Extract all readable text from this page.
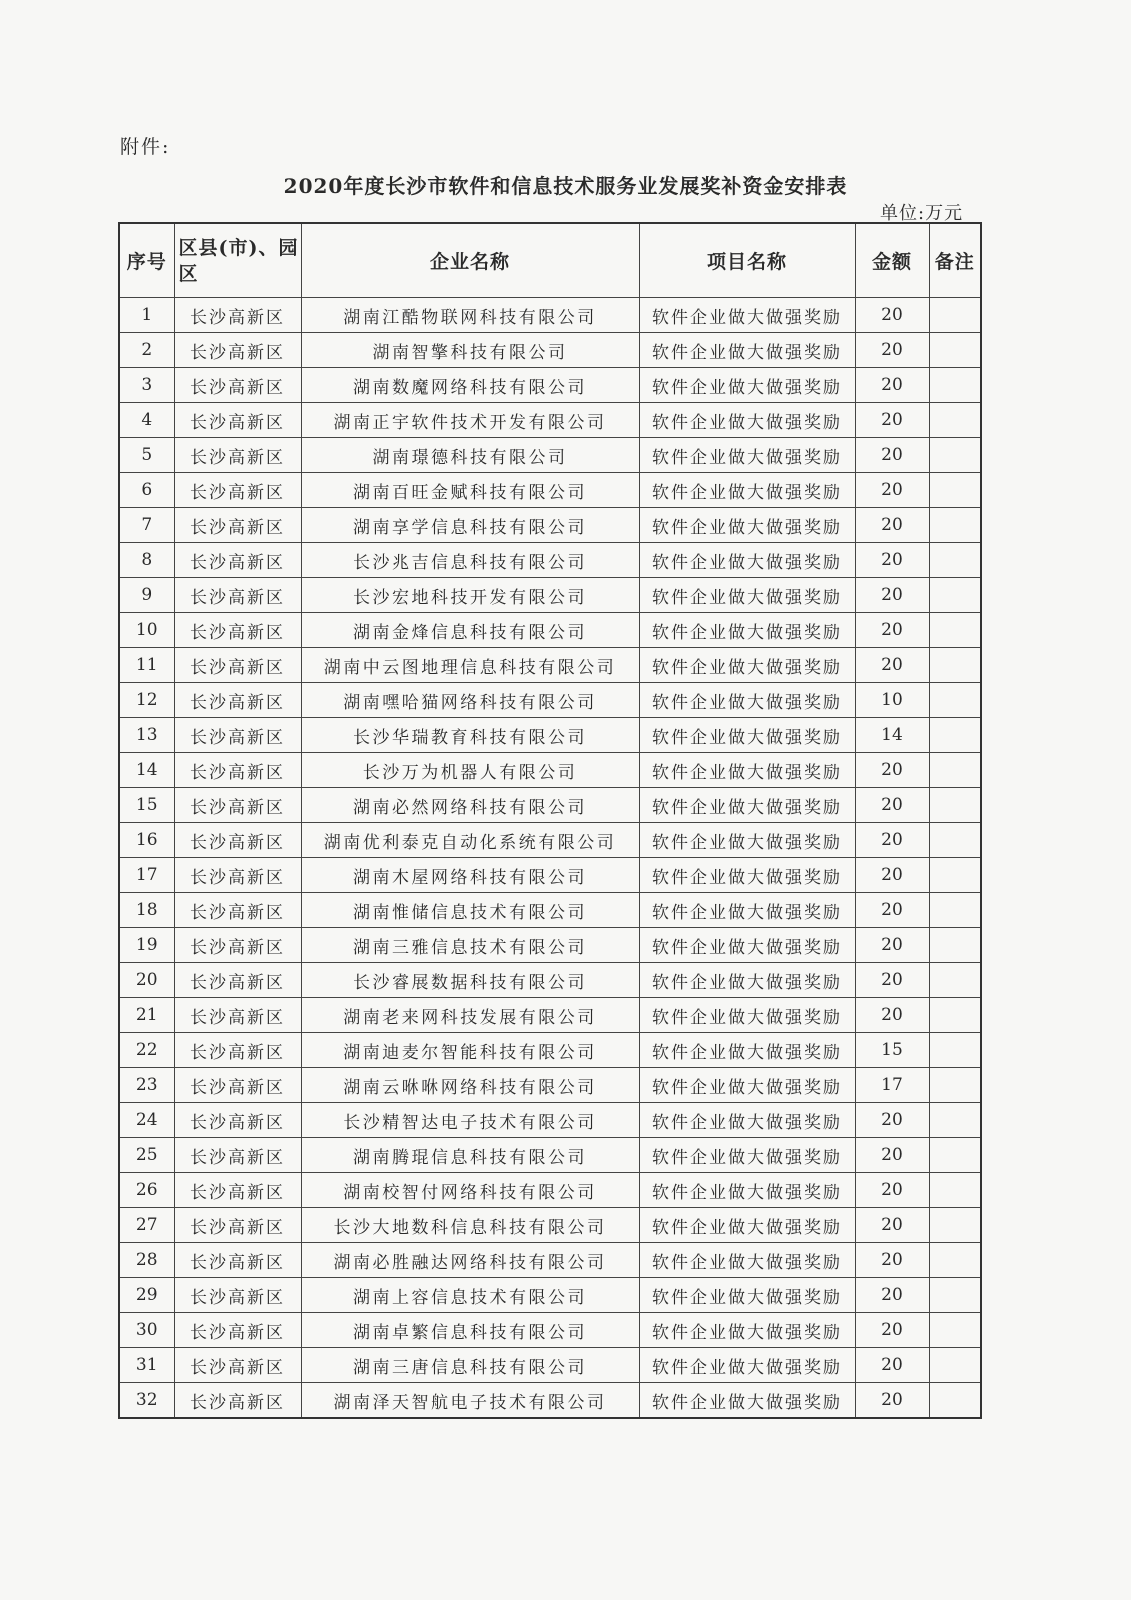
附件:
2020年度长沙市软件和信息技术服务业发展奖补资金安排表
单位:万元
序号	区县(市)、园区	企业名称	项目名称	金额	备注
1	长沙高新区	湖南江酷物联网科技有限公司	软件企业做大做强奖励	20	
2	长沙高新区	湖南智擎科技有限公司	软件企业做大做强奖励	20	
3	长沙高新区	湖南数魔网络科技有限公司	软件企业做大做强奖励	20	
4	长沙高新区	湖南正宇软件技术开发有限公司	软件企业做大做强奖励	20	
5	长沙高新区	湖南璟德科技有限公司	软件企业做大做强奖励	20	
6	长沙高新区	湖南百旺金赋科技有限公司	软件企业做大做强奖励	20	
7	长沙高新区	湖南享学信息科技有限公司	软件企业做大做强奖励	20	
8	长沙高新区	长沙兆吉信息科技有限公司	软件企业做大做强奖励	20	
9	长沙高新区	长沙宏地科技开发有限公司	软件企业做大做强奖励	20	
10	长沙高新区	湖南金烽信息科技有限公司	软件企业做大做强奖励	20	
11	长沙高新区	湖南中云图地理信息科技有限公司	软件企业做大做强奖励	20	
12	长沙高新区	湖南嘿哈猫网络科技有限公司	软件企业做大做强奖励	10	
13	长沙高新区	长沙华瑞教育科技有限公司	软件企业做大做强奖励	14	
14	长沙高新区	长沙万为机器人有限公司	软件企业做大做强奖励	20	
15	长沙高新区	湖南必然网络科技有限公司	软件企业做大做强奖励	20	
16	长沙高新区	湖南优利泰克自动化系统有限公司	软件企业做大做强奖励	20	
17	长沙高新区	湖南木屋网络科技有限公司	软件企业做大做强奖励	20	
18	长沙高新区	湖南惟储信息技术有限公司	软件企业做大做强奖励	20	
19	长沙高新区	湖南三雅信息技术有限公司	软件企业做大做强奖励	20	
20	长沙高新区	长沙睿展数据科技有限公司	软件企业做大做强奖励	20	
21	长沙高新区	湖南老来网科技发展有限公司	软件企业做大做强奖励	20	
22	长沙高新区	湖南迪麦尔智能科技有限公司	软件企业做大做强奖励	15	
23	长沙高新区	湖南云咻咻网络科技有限公司	软件企业做大做强奖励	17	
24	长沙高新区	长沙精智达电子技术有限公司	软件企业做大做强奖励	20	
25	长沙高新区	湖南腾琨信息科技有限公司	软件企业做大做强奖励	20	
26	长沙高新区	湖南校智付网络科技有限公司	软件企业做大做强奖励	20	
27	长沙高新区	长沙大地数科信息科技有限公司	软件企业做大做强奖励	20	
28	长沙高新区	湖南必胜融达网络科技有限公司	软件企业做大做强奖励	20	
29	长沙高新区	湖南上容信息技术有限公司	软件企业做大做强奖励	20	
30	长沙高新区	湖南卓繁信息科技有限公司	软件企业做大做强奖励	20	
31	长沙高新区	湖南三唐信息科技有限公司	软件企业做大做强奖励	20	
32	长沙高新区	湖南泽天智航电子技术有限公司	软件企业做大做强奖励	20	
